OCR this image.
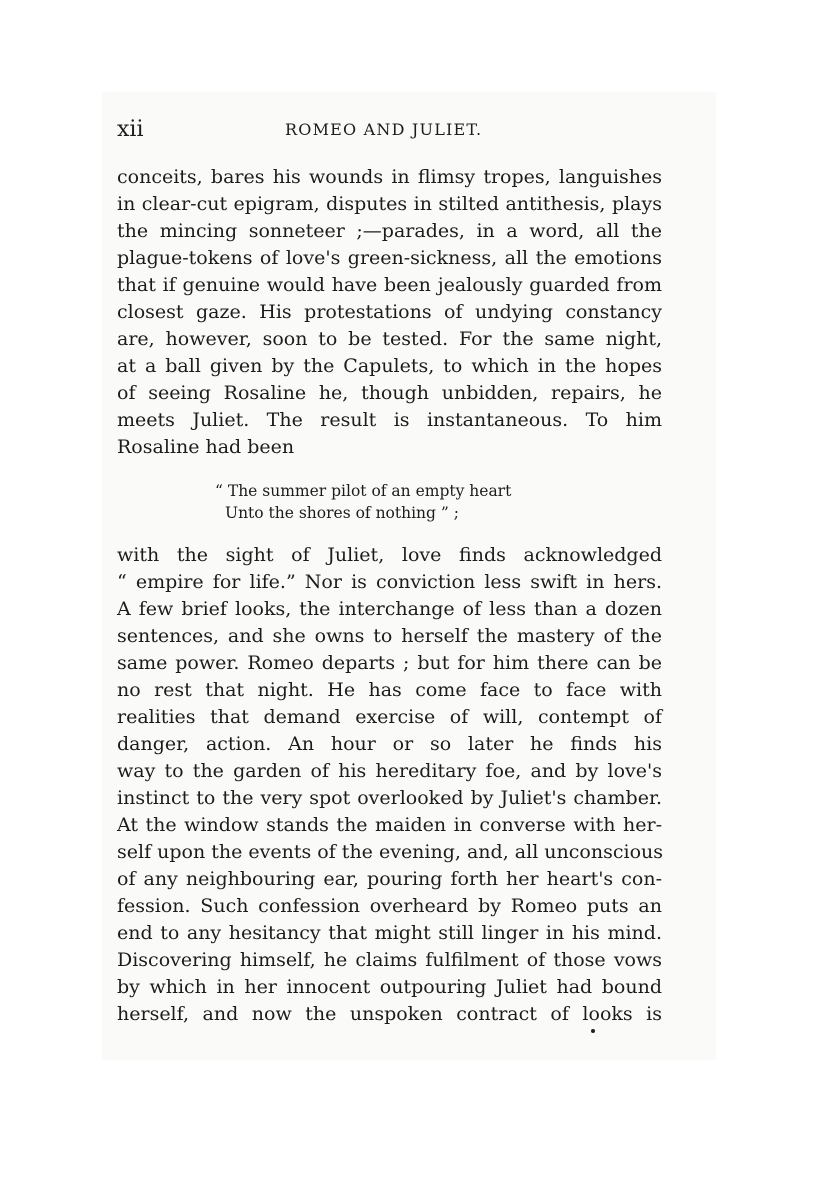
xii	ROMEO AND JULIET.
conceits, bares his wounds in flimsy tropes, languishes
in clear-cut epigram, disputes in stilted antithesis, plays
the mincing sonneteer ;—parades, in a word, all the
plague-tokens of love's green-sickness, all the emotions
that if genuine would have been jealously guarded from
closest gaze. His protestations of undying constancy
are, however, soon to be tested. For the same night,
at a ball given by the Capulets, to which in the hopes
of seeing Rosaline he, though unbidden, repairs, he
meets Juliet. The result is instantaneous. To him
Rosaline had been
“ The summer pilot of an empty heart
Unto the shores of nothing ” ;
with the sight of Juliet, love finds acknowledged
“ empire for life.” Nor is conviction less swift in hers.
A few brief looks, the interchange of less than a dozen
sentences, and she owns to herself the mastery of the
same power. Romeo departs ; but for him there can be
no rest that night. He has come face to face with
realities that demand exercise of will, contempt of
danger, action. An hour or so later he finds his
way to the garden of his hereditary foe, and by love's
instinct to the very spot overlooked by Juliet's chamber.
At the window stands the maiden in converse with her-
self upon the events of the evening, and, all unconscious
of any neighbouring ear, pouring forth her heart's con-
fession. Such confession overheard by Romeo puts an
end to any hesitancy that might still linger in his mind.
Discovering himself, he claims fulfilment of those vows
by which in her innocent outpouring Juliet had bound
herself, and now the unspoken contract of looks is
